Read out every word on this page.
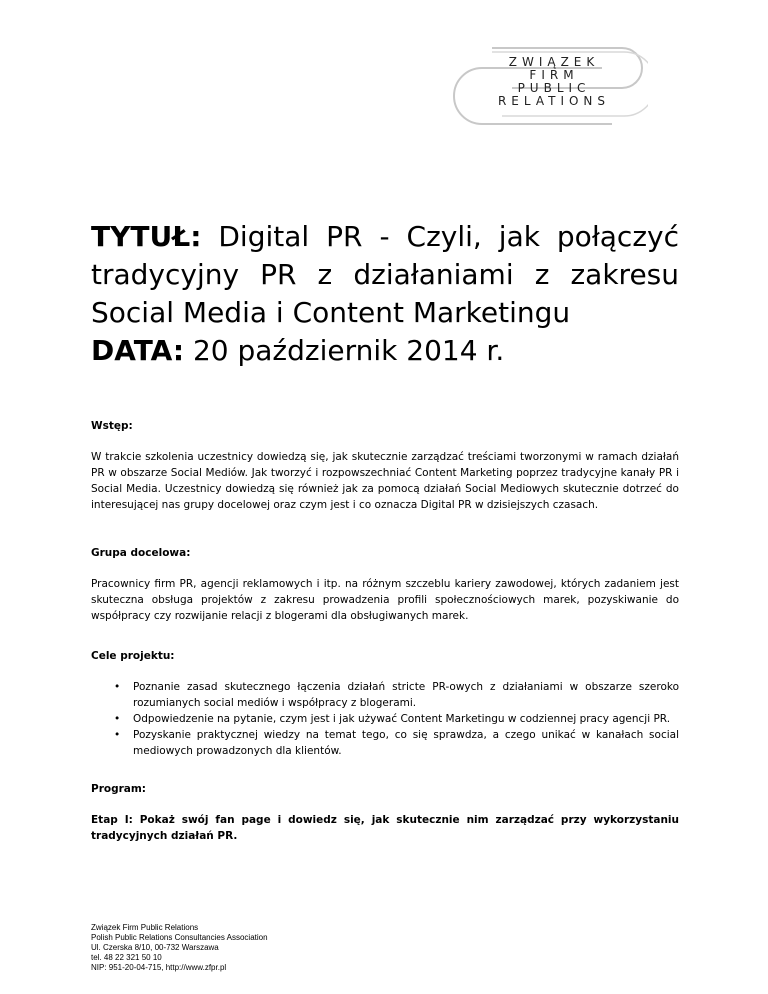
ZWIĄZEK
FIRM
PUBLIC
RELATIONS
TYTUŁ: Digital PR - Czyli, jak połączyć
tradycyjny PR z działaniami z zakresu
Social Media i Content Marketingu
DATA: 20 październik 2014 r.

Wstęp:

W trakcie szkolenia uczestnicy dowiedzą się, jak skutecznie zarządzać treściami tworzonymi w ramach działań PR w obszarze Social Mediów. Jak tworzyć i rozpowszechniać Content Marketing poprzez tradycyjne kanały PR i Social Media. Uczestnicy dowiedzą się również jak za pomocą działań Social Mediowych skutecznie dotrzeć do interesującej nas grupy docelowej oraz czym jest i co oznacza Digital PR w dzisiejszych czasach.

Grupa docelowa:

Pracownicy firm PR, agencji reklamowych i itp. na różnym szczeblu kariery zawodowej, których zadaniem jest skuteczna obsługa projektów z zakresu prowadzenia profili społecznościowych marek, pozyskiwanie do współpracy czy rozwijanie relacji z blogerami dla obsługiwanych marek.

Cele projektu:

• Poznanie zasad skutecznego łączenia działań stricte PR-owych z działaniami w obszarze szeroko rozumianych social mediów i współpracy z blogerami.
• Odpowiedzenie na pytanie, czym jest i jak używać Content Marketingu w codziennej pracy agencji PR.
• Pozyskanie praktycznej wiedzy na temat tego, co się sprawdza, a czego unikać w kanałach social mediowych prowadzonych dla klientów.

Program:

Etap I: Pokaż swój fan page i dowiedz się, jak skutecznie nim zarządzać przy wykorzystaniu tradycyjnych działań PR.

Związek Firm Public Relations
Polish Public Relations Consultancies Association
Ul. Czerska 8/10, 00-732 Warszawa
tel. 48 22 321 50 10
NIP: 951-20-04-715, http://www.zfpr.pl
